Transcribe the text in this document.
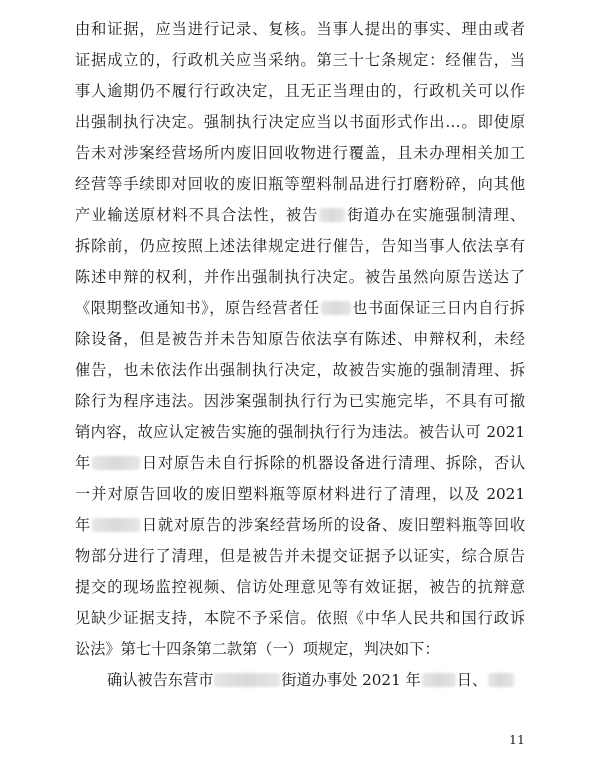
由和证据，应当进行记录、复核。当事人提出的事实、理由或者
证据成立的，行政机关应当采纳。第三十七条规定：经催告，当
事人逾期仍不履行行政决定，且无正当理由的，行政机关可以作
出强制执行决定。强制执行决定应当以书面形式作出…。即使原
告未对涉案经营场所内废旧回收物进行覆盖，且未办理相关加工
经营等手续即对回收的废旧瓶等塑料制品进行打磨粉碎，向其他
产业输送原材料不具合法性，被告 街道办在实施强制清理、
拆除前，仍应按照上述法律规定进行催告，告知当事人依法享有
陈述申辩的权利，并作出强制执行决定。被告虽然向原告送达了
《限期整改通知书》，原告经营者任 也书面保证三日内自行拆
除设备，但是被告并未告知原告依法享有陈述、申辩权利，未经
催告，也未依法作出强制执行决定，故被告实施的强制清理、拆
除行为程序违法。因涉案强制执行行为已实施完毕，不具有可撤
销内容，故应认定被告实施的强制执行行为违法。被告认可 2021
年	日对原告未自行拆除的机器设备进行清理、拆除，否认
一并对原告回收的废旧塑料瓶等原材料进行了清理，以及 2021
年	日就对原告的涉案经营场所的设备、废旧塑料瓶等回收
物部分进行了清理，但是被告并未提交证据予以证实，综合原告
提交的现场监控视频、信访处理意见等有效证据，被告的抗辩意
见缺少证据支持，本院不予采信。依照《中华人民共和国行政诉
讼法》第七十四条第二款第（一）项规定，判决如下：
确认被告东营市	街道办事处 2021 年 日、
11
